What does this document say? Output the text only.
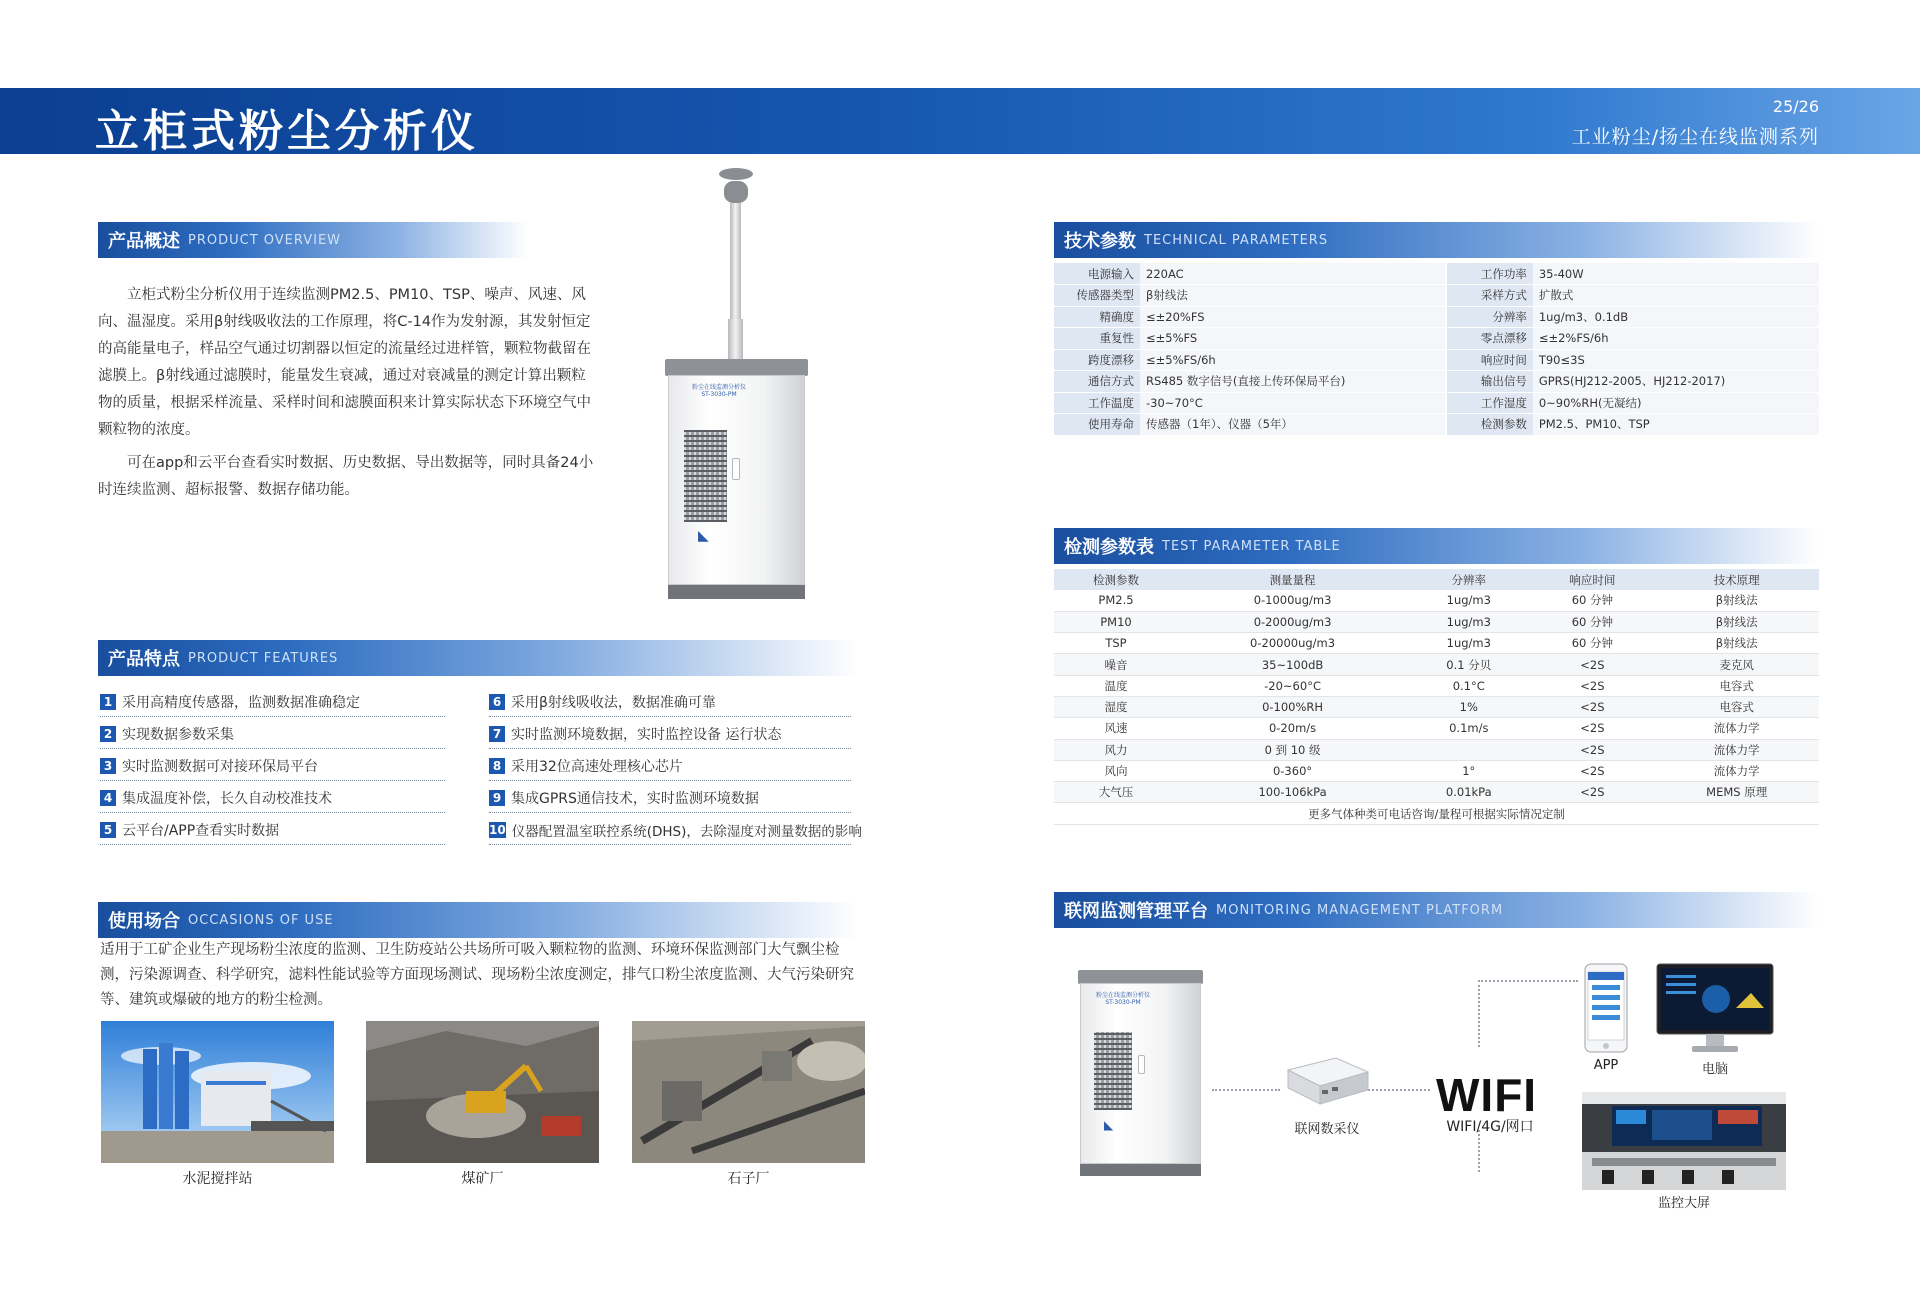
立柜式粉尘分析仪	25/26
工业粉尘/扬尘在线监测系列
产品概述 PRODUCT OVERVIEW

立柜式粉尘分析仪用于连续监测PM2.5、PM10、TSP、噪声、风速、风向、温湿度。采用β射线吸收法的工作原理，将C-14作为发射源，其发射恒定的高能量电子，样品空气通过切割器以恒定的流量经过进样管，颗粒物截留在滤膜上。β射线通过滤膜时，能量发生衰减，通过对衰减量的测定计算出颗粒物的质量，根据采样流量、采样时间和滤膜面积来计算实际状态下环境空气中颗粒物的浓度。

可在app和云平台查看实时数据、历史数据、导出数据等，同时具备24小时连续监测、超标报警、数据存储功能。

粉尘在线监测分析仪
ST-3030-PM
◣
产品特点 PRODUCT FEATURES
1 采用高精度传感器，监测数据准确稳定
2 实现数据参数采集
3 实时监测数据可对接环保局平台
4 集成温度补偿，长久自动校准技术
5 云平台/APP查看实时数据
6 采用β射线吸收法，数据准确可靠
7 实时监测环境数据，实时监控设备 运行状态
8 采用32位高速处理核心芯片
9 集成GPRS通信技术，实时监测环境数据
10 仪器配置温室联控系统(DHS)，去除湿度对测量数据的影响
使用场合 OCCASIONS OF USE
适用于工矿企业生产现场粉尘浓度的监测、卫生防疫站公共场所可吸入颗粒物的监测、环境环保监测部门大气飘尘检测，污染源调查、科学研究，滤料性能试验等方面现场测试、现场粉尘浓度测定，排气口粉尘浓度监测、大气污染研究等、建筑或爆破的地方的粉尘检测。
水泥搅拌站	煤矿厂	石子厂
技术参数 TECHNICAL PARAMETERS
电源输入	220AC		工作功率	35-40W
传感器类型	β射线法		采样方式	扩散式
精确度	≤±20%FS		分辨率	1ug/m3、0.1dB
重复性	≤±5%FS		零点漂移	≤±2%FS/6h
跨度漂移	≤±5%FS/6h		响应时间	T90≤3S
通信方式	RS485 数字信号(直接上传环保局平台)		输出信号	GPRS(HJ212-2005、HJ212-2017)
工作温度	-30~70°C		工作湿度	0~90%RH(无凝结)
使用寿命	传感器（1年）、仪器（5年）		检测参数	PM2.5、PM10、TSP
检测参数表 TEST PARAMETER TABLE
检测参数	测量量程	分辨率	响应时间	技术原理
PM2.5	0-1000ug/m3	1ug/m3	60 分钟	β射线法
PM10	0-2000ug/m3	1ug/m3	60 分钟	β射线法
TSP	0-20000ug/m3	1ug/m3	60 分钟	β射线法
噪音	35~100dB	0.1 分贝	<2S	麦克风
温度	-20~60°C	0.1°C	<2S	电容式
湿度	0-100%RH	1%	<2S	电容式
风速	0-20m/s	0.1m/s	<2S	流体力学
风力	0 到 10 级		<2S	流体力学
风向	0-360°	1°	<2S	流体力学
大气压	100-106kPa	0.01kPa	<2S	MEMS 原理
更多气体种类可电话咨询/量程可根据实际情况定制				
联网监测管理平台 MONITORING MANAGEMENT PLATFORM
粉尘在线监测分析仪
ST-3030-PM
◣	联网数采仪
WIFI
WIFI/4G/网口
APP	电脑
监控大屏
